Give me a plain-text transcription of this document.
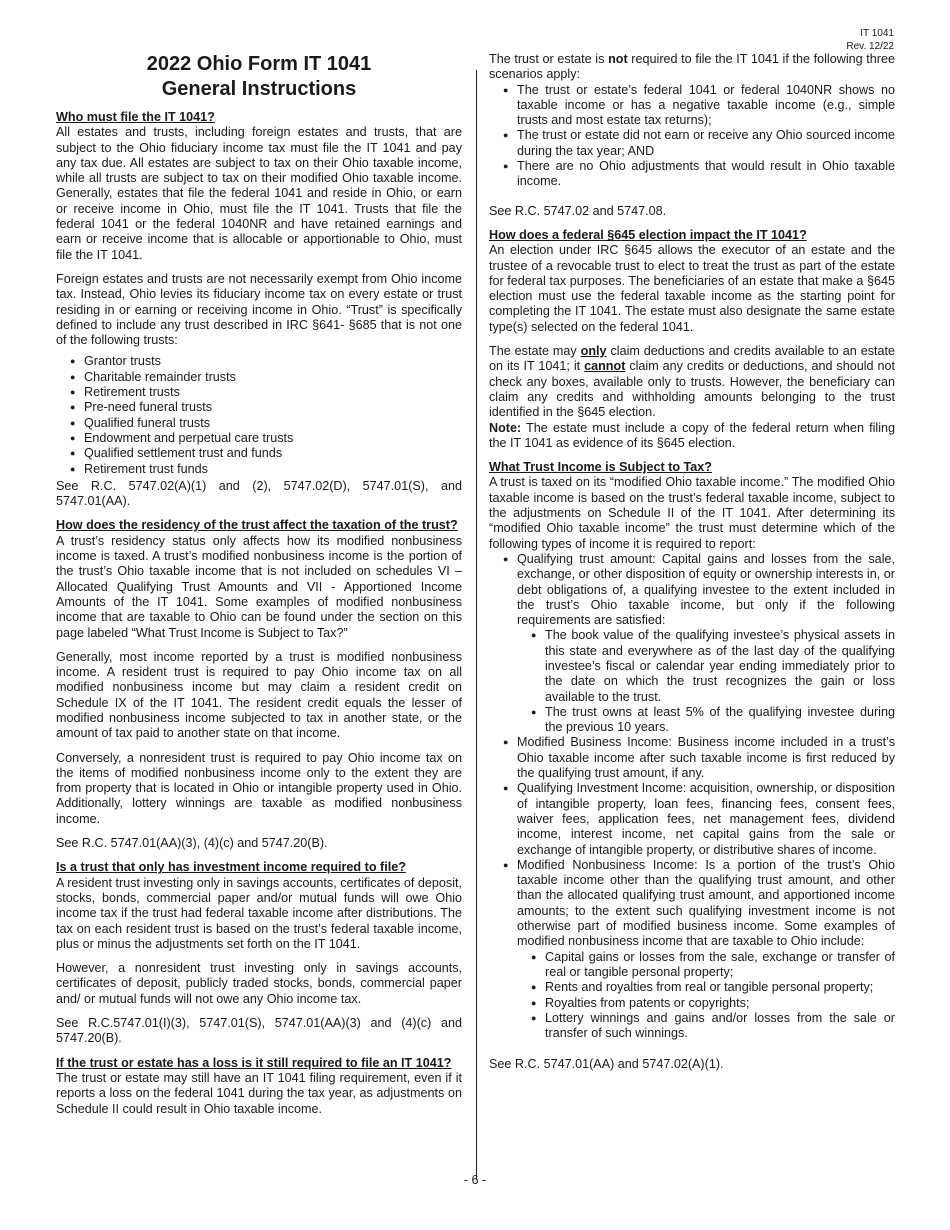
IT 1041
Rev. 12/22
2022 Ohio Form IT 1041
General Instructions
Who must file the IT 1041?

All estates and trusts, including foreign estates and trusts, that are subject to the Ohio fiduciary income tax must file the IT 1041 and pay any tax due. All estates are subject to tax on their Ohio taxable income, while all trusts are subject to tax on their modified Ohio taxable income. Generally, estates that file the federal 1041 and reside in Ohio, or earn or receive income in Ohio, must file the IT 1041. Trusts that file the federal 1041 or the federal 1040NR and have retained earnings and earn or receive income that is allocable or apportionable to Ohio, must file the IT 1041.

Foreign estates and trusts are not necessarily exempt from Ohio income tax. Instead, Ohio levies its fiduciary income tax on every estate or trust residing in or earning or receiving income in Ohio. “Trust” is specifically defined to include any trust described in IRC §641- §685 that is not one of the following trusts:

● Grantor trusts
● Charitable remainder trusts
● Retirement trusts
● Pre-need funeral trusts
● Qualified funeral trusts
● Endowment and perpetual care trusts
● Qualified settlement trust and funds
● Retirement trust funds

See R.C. 5747.02(A)(1) and (2), 5747.02(D), 5747.01(S), and 5747.01(AA).

How does the residency of the trust affect the taxation of the trust?

A trust’s residency status only affects how its modified nonbusiness income is taxed. A trust’s modified nonbusiness income is the portion of the trust’s Ohio taxable income that is not included on schedules VI – Allocated Qualifying Trust Amounts and VII - Apportioned Income Amounts of the IT 1041. Some examples of modified nonbusiness income that are taxable to Ohio can be found under the section on this page labeled “What Trust Income is Subject to Tax?”

Generally, most income reported by a trust is modified nonbusiness income. A resident trust is required to pay Ohio income tax on all modified nonbusiness income but may claim a resident credit on Schedule IX of the IT 1041. The resident credit equals the lesser of modified nonbusiness income subjected to tax in another state, or the amount of tax paid to another state on that income.

Conversely, a nonresident trust is required to pay Ohio income tax on the items of modified nonbusiness income only to the extent they are from property that is located in Ohio or intangible property used in Ohio. Additionally, lottery winnings are taxable as modified nonbusiness income.

See R.C. 5747.01(AA)(3), (4)(c) and 5747.20(B).

Is a trust that only has investment income required to file?

A resident trust investing only in savings accounts, certificates of deposit, stocks, bonds, commercial paper and/or mutual funds will owe Ohio income tax if the trust had federal taxable income after distributions. The tax on each resident trust is based on the trust’s federal taxable income, plus or minus the adjustments set forth on the IT 1041.

However, a nonresident trust investing only in savings accounts, certificates of deposit, publicly traded stocks, bonds, commercial paper and/ or mutual funds will not owe any Ohio income tax.

See R.C.5747.01(I)(3), 5747.01(S), 5747.01(AA)(3) and (4)(c) and 5747.20(B).

If the trust or estate has a loss is it still required to file an IT 1041?

The trust or estate may still have an IT 1041 filing requirement, even if it reports a loss on the federal 1041 during the tax year, as adjustments on Schedule II could result in Ohio taxable income.

The trust or estate is not required to file the IT 1041 if the following three scenarios apply:

● The trust or estate’s federal 1041 or federal 1040NR shows no taxable income or has a negative taxable income (e.g., simple trusts and most estate tax returns);
● The trust or estate did not earn or receive any Ohio sourced income during the tax year; AND
● There are no Ohio adjustments that would result in Ohio taxable income.

See R.C. 5747.02 and 5747.08.

How does a federal §645 election impact the IT 1041?

An election under IRC §645 allows the executor of an estate and the trustee of a revocable trust to elect to treat the trust as part of the estate for federal tax purposes. The beneficiaries of an estate that make a §645 election must use the federal taxable income as the starting point for completing the IT 1041. The estate must also designate the same estate type(s) selected on the federal 1041.

The estate may only claim deductions and credits available to an estate on its IT 1041; it cannot claim any credits or deductions, and should not check any boxes, available only to trusts. However, the beneficiary can claim any credits and withholding amounts belonging to the trust identified in the §645 election.

Note: The estate must include a copy of the federal return when filing the IT 1041 as evidence of its §645 election.

What Trust Income is Subject to Tax?

A trust is taxed on its “modified Ohio taxable income.” The modified Ohio taxable income is based on the trust’s federal taxable income, subject to the adjustments on Schedule II of the IT 1041. After determining its “modified Ohio taxable income” the trust must determine which of the following types of income it is required to report:

● Qualifying trust amount: Capital gains and losses from the sale, exchange, or other disposition of equity or ownership interests in, or debt obligations of, a qualifying investee to the extent included in the trust’s Ohio taxable income, but only if the following requirements are satisfied:
● The book value of the qualifying investee’s physical assets in this state and everywhere as of the last day of the qualifying investee’s fiscal or calendar year ending immediately prior to the date on which the trust recognizes the gain or loss available to the trust.
● The trust owns at least 5% of the qualifying investee during the previous 10 years.
● Modified Business Income: Business income included in a trust’s Ohio taxable income after such taxable income is first reduced by the qualifying trust amount, if any.
● Qualifying Investment Income: acquisition, ownership, or disposition of intangible property, loan fees, financing fees, consent fees, waiver fees, application fees, net management fees, dividend income, interest income, net capital gains from the sale or exchange of intangible property, or distributive shares of income.
● Modified Nonbusiness Income: Is a portion of the trust’s Ohio taxable income other than the qualifying trust amount, and other than the allocated qualifying trust amount, and apportioned income amounts; to the extent such qualifying investment income is not otherwise part of modified business income. Some examples of modified nonbusiness income that are taxable to Ohio include:
● Capital gains or losses from the sale, exchange or transfer of real or tangible personal property;
● Rents and royalties from real or tangible personal property;
● Royalties from patents or copyrights;
● Lottery winnings and gains and/or losses from the sale or transfer of such winnings.

See R.C. 5747.01(AA) and 5747.02(A)(1).

- 6 -
